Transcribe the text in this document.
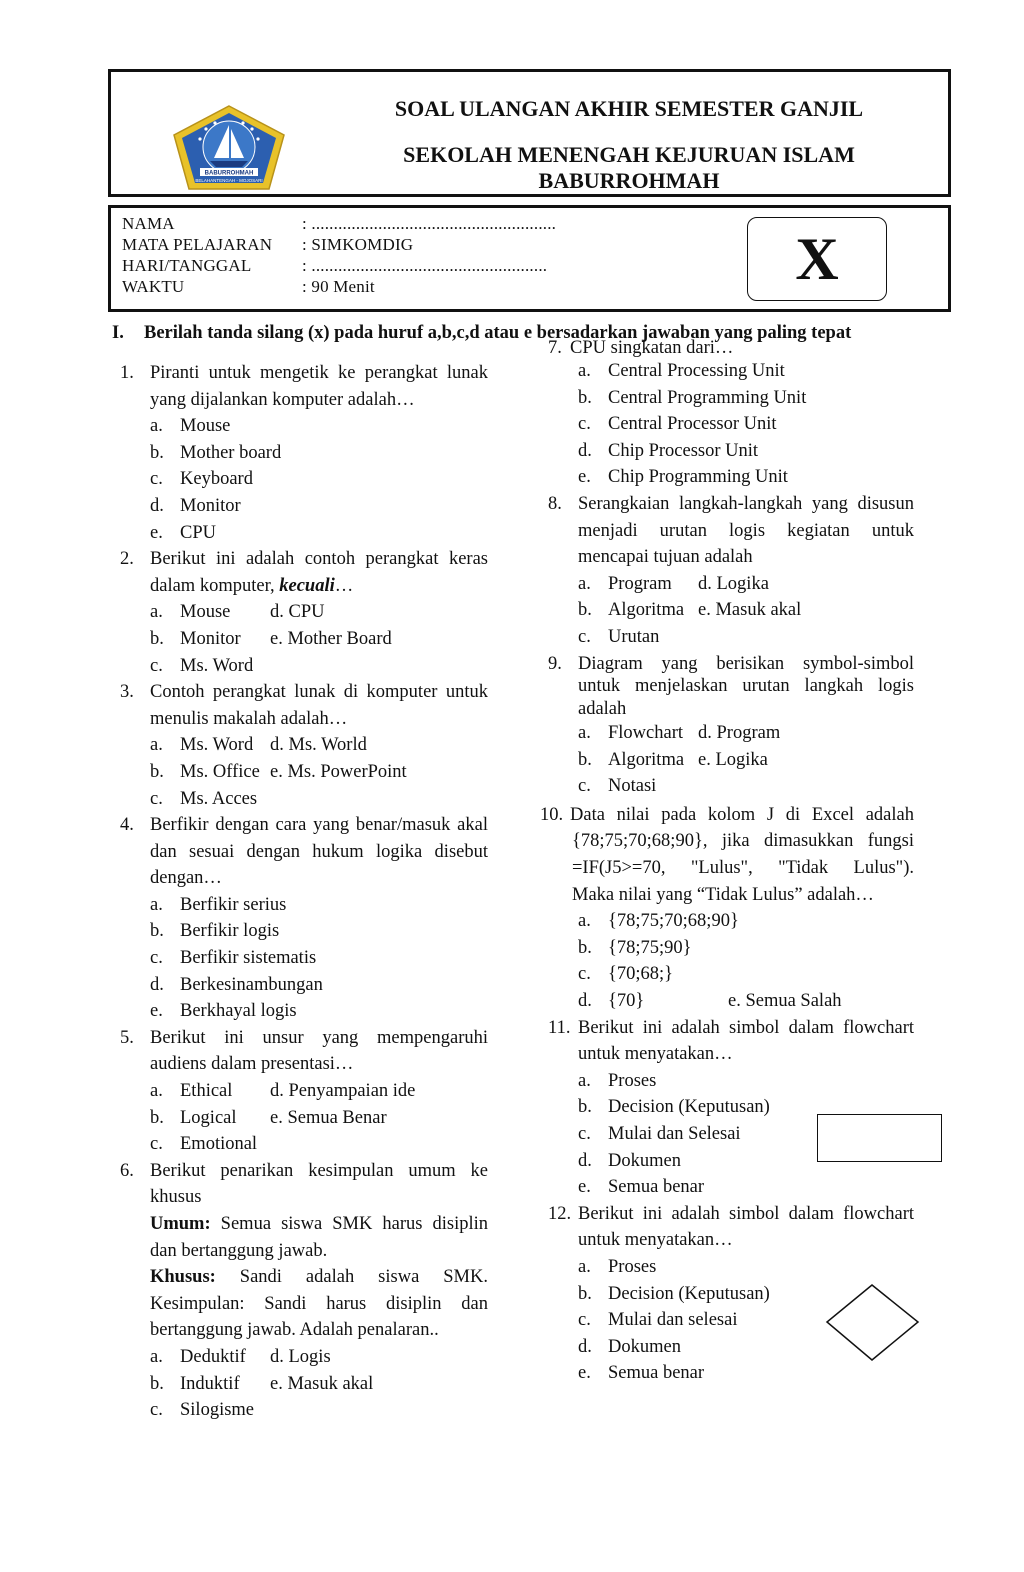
BABURROHMAH
BELAHANTENGAH - MOJOSARI
SOAL ULANGAN AKHIR SEMESTER GANJIL
SEKOLAH MENENGAH KEJURUAN ISLAM
BABURROHMAH
NAMA	: .......................................................
MATA PELAJARAN : SIMKOMDIG
HARI/TANGGAL	: .....................................................
WAKTU	: 90 Menit	X
I. Berilah tanda silang (x) pada huruf a,b,c,d atau e bersadarkan jawaban yang paling tepat
1. Piranti untuk mengetik ke perangkat lunak yang dijalankan komputer adalah…
a. Mouse
b. Mother board
c. Keyboard
d. Monitor
e. CPU
2. Berikut ini adalah contoh perangkat keras dalam komputer, kecuali…
a. Mouse d. CPU
b. Monitor e. Mother Board
c. Ms. Word
3. Contoh perangkat lunak di komputer untuk menulis makalah adalah…
a. Ms. Word d. Ms. World
b. Ms. Office e. Ms. PowerPoint
c. Ms. Acces
4. Berfikir dengan cara yang benar/masuk akal dan sesuai dengan hukum logika disebut dengan…
a. Berfikir serius
b. Berfikir logis
c. Berfikir sistematis
d. Berkesinambungan
e. Berkhayal logis
5. Berikut ini unsur yang mempengaruhi audiens dalam presentasi…
a. Ethical d. Penyampaian ide
b. Logical e. Semua Benar
c. Emotional
6. Berikut penarikan kesimpulan umum ke khusus
Umum: Semua siswa SMK harus disiplin dan bertanggung jawab.
Khusus: Sandi adalah siswa SMK. Kesimpulan: Sandi harus disiplin dan bertanggung jawab. Adalah penalaran..
a. Deduktif d. Logis
b. Induktif e. Masuk akal
c. Silogisme
7. CPU singkatan dari…
a. Central Processing Unit
b. Central Programming Unit
c. Central Processor Unit
d. Chip Processor Unit
e. Chip Programming Unit
8. Serangkaian langkah-langkah yang disusun menjadi urutan logis kegiatan untuk mencapai tujuan adalah
a. Program d. Logika
b. Algoritma e. Masuk akal
c. Urutan
9. Diagram yang berisikan symbol-simbol untuk menjelaskan urutan langkah logis adalah
a. Flowchart d. Program
b. Algoritma e. Logika
c. Notasi
10. Data nilai pada kolom J di Excel adalah
{78;75;70;68;90}, jika dimasukkan fungsi
=IF(J5>=70, "Lulus", "Tidak Lulus").
Maka nilai yang “Tidak Lulus” adalah…
a. {78;75;70;68;90}
b. {78;75;90}
c. {70;68;}
d. {70}	e. Semua Salah
11. Berikut ini adalah simbol dalam flowchart untuk menyatakan…
a. Proses
b. Decision (Keputusan)
c. Mulai dan Selesai
d. Dokumen
e. Semua benar
12. Berikut ini adalah simbol dalam flowchart untuk menyatakan…
a. Proses
b. Decision (Keputusan)
c. Mulai dan selesai
d. Dokumen
e. Semua benar
